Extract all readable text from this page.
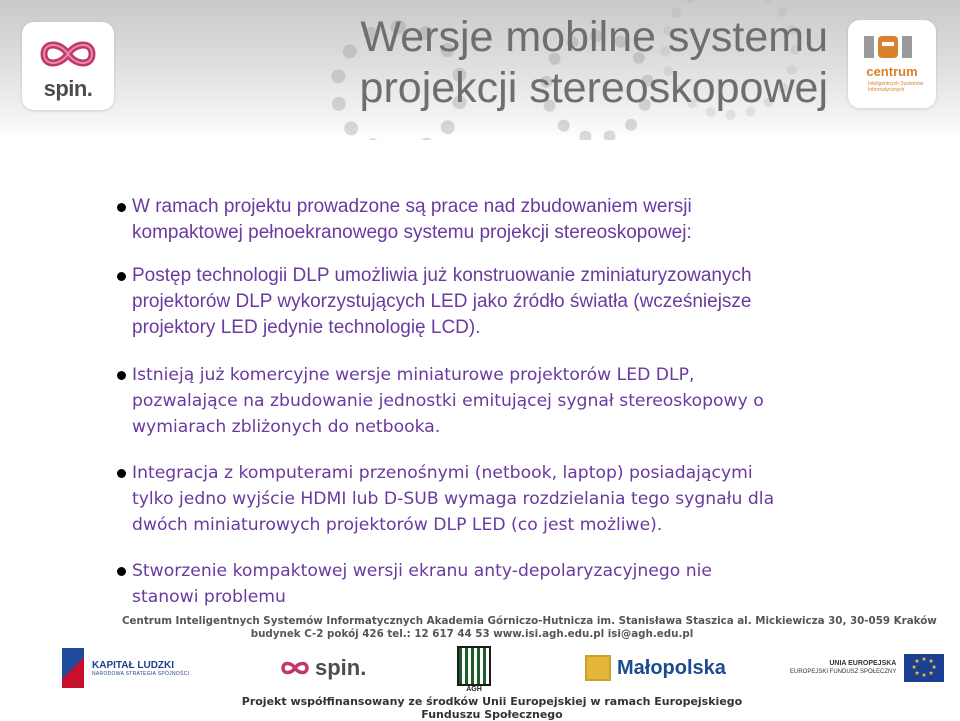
spin.
Wersje mobilne systemu
projekcji stereoskopowej	centrum
Inteligentnych Systemów Informatycznych
W ramach projektu prowadzone są prace nad zbudowaniem wersji
kompaktowej pełnoekranowego systemu projekcji stereoskopowej:
Postęp technologii DLP umożliwia już konstruowanie zminiaturyzowanych
projektorów DLP wykorzystujących LED jako źródło światła (wcześniejsze
projektory LED jedynie technologię LCD).
Istnieją już komercyjne wersje miniaturowe projektorów LED DLP,
pozwalające na zbudowanie jednostki emitującej sygnał stereoskopowy o
wymiarach zbliżonych do netbooka.
Integracja z komputerami przenośnymi (netbook, laptop) posiadającymi
tylko jedno wyjście HDMI lub D-SUB wymaga rozdzielania tego sygnału dla
dwóch miniaturowych projektorów DLP LED (co jest możliwe).
Stworzenie kompaktowej wersji ekranu anty-depolaryzacyjnego nie
stanowi problemu
Centrum Inteligentnych Systemów Informatycznych Akademia Górniczo-Hutnicza im. Stanisława Staszica al. Mickiewicza 30, 30-059 Kraków
budynek C-2 pokój 426 tel.: 12 617 44 53 www.isi.agh.edu.pl isi@agh.edu.pl
KAPITAŁ LUDZKI
NARODOWA STRATEGIA SPÓJNOŚCI	spin.
AGH
Małopolska	UNIA EUROPEJSKA
EUROPEJSKI FUNDUSZ SPOŁECZNY
★ ★
★
★
★
★
★
★
Projekt współfinansowany ze środków Unii Europejskiej w ramach Europejskiego Funduszu Społecznego
